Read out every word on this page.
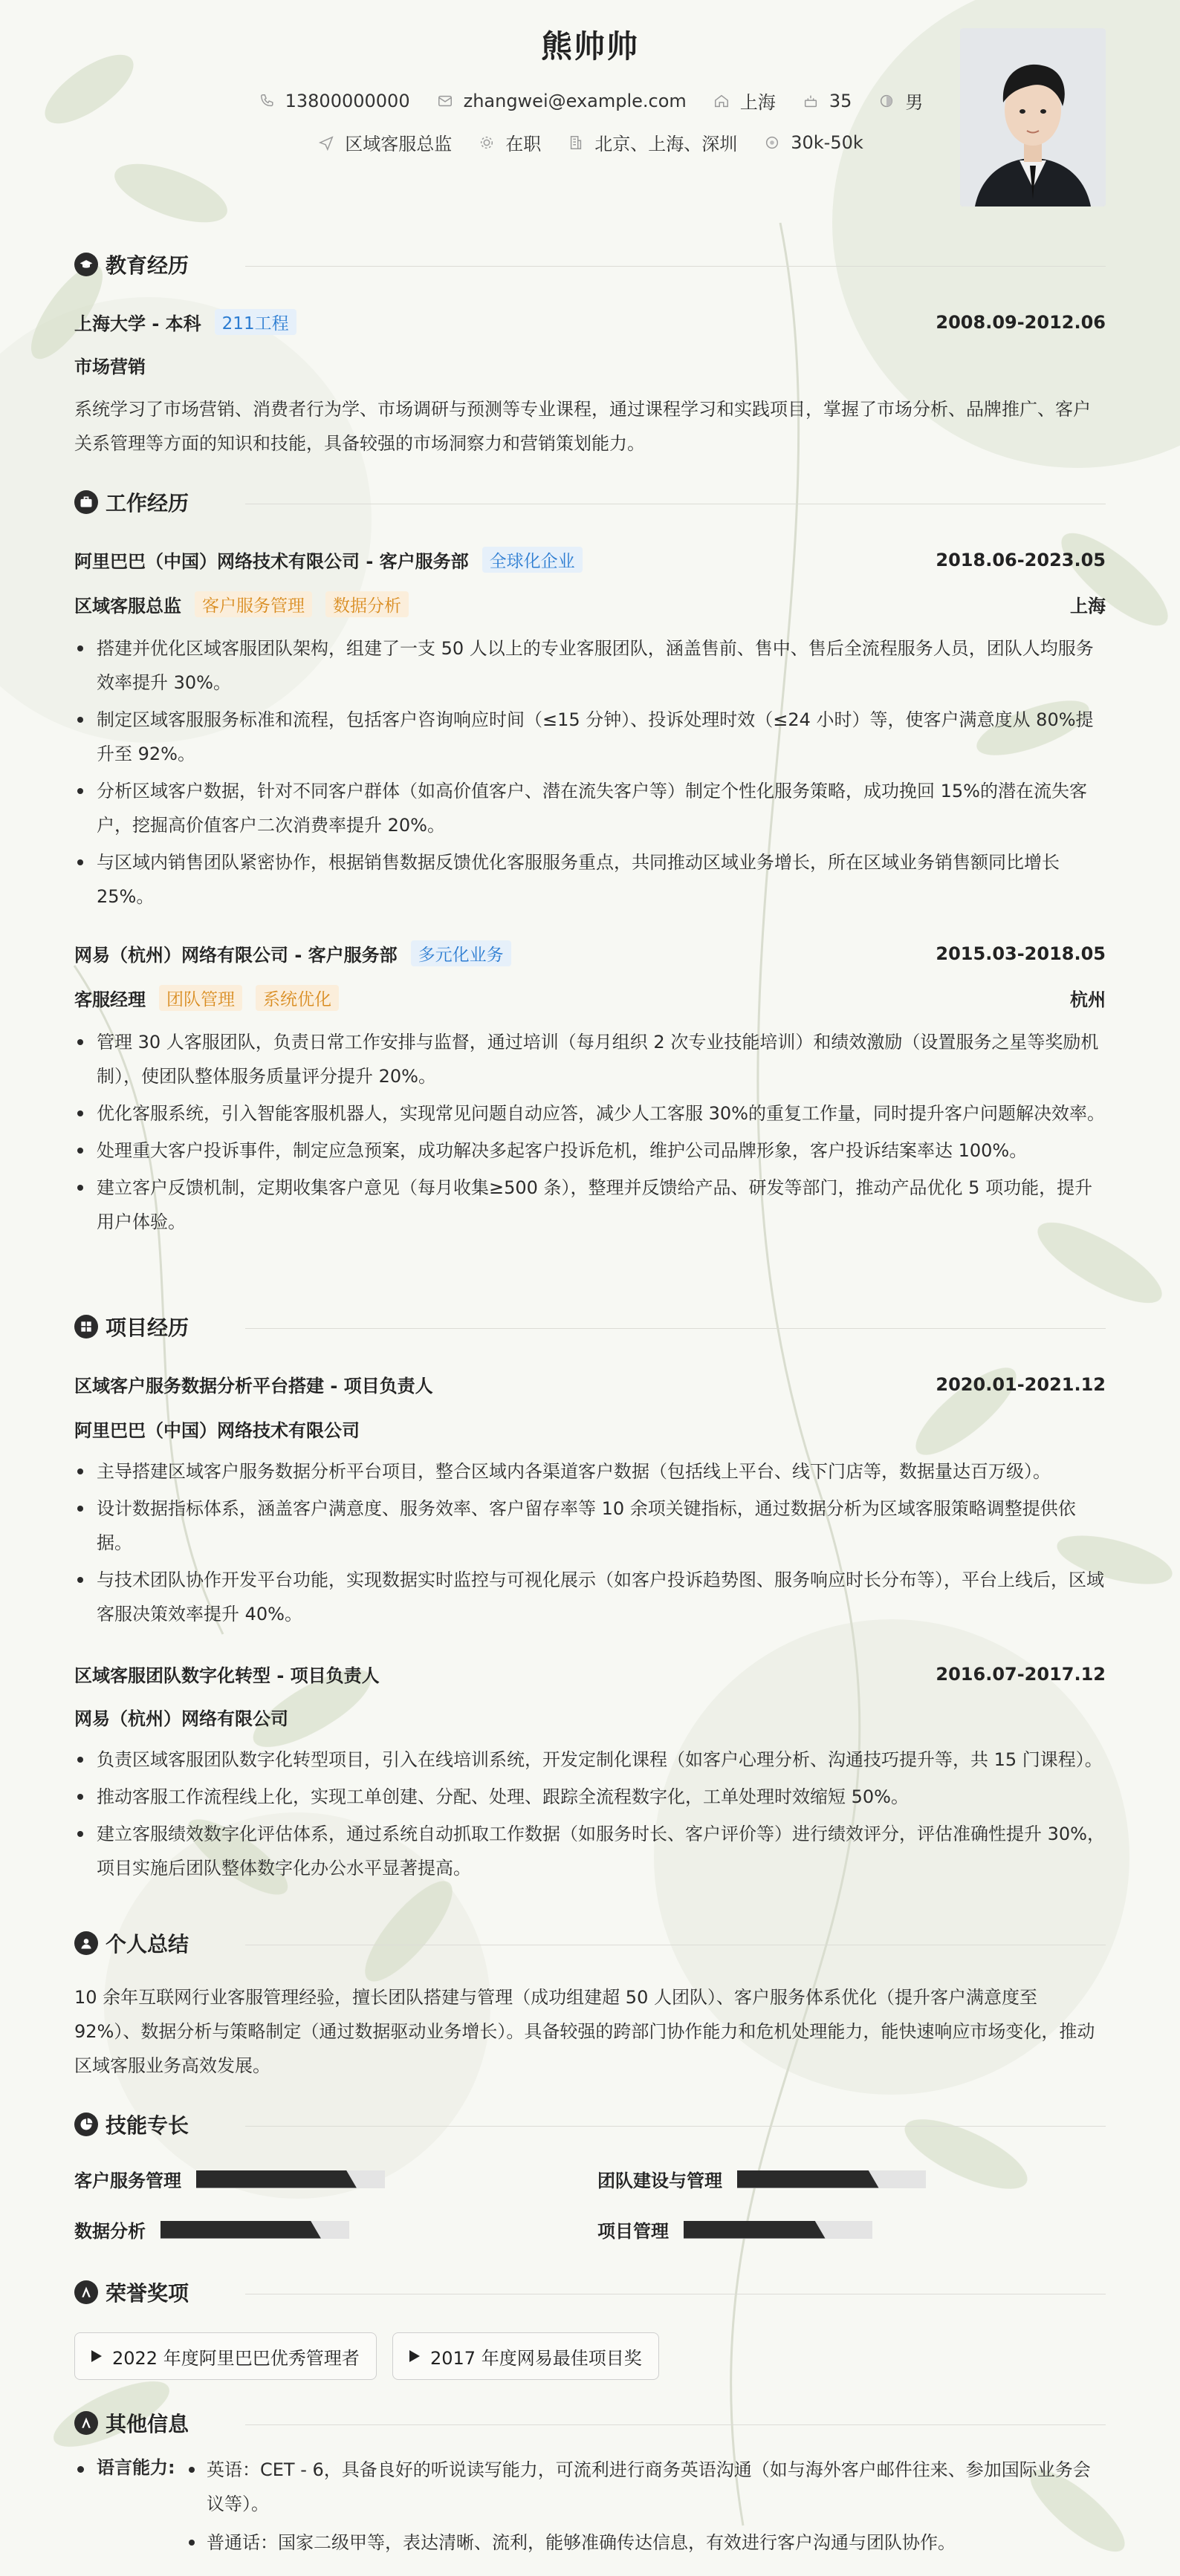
熊帅帅
13800000000	zhangwei@example.com	上海	35	男
区域客服总监	在职	北京、上海、深圳	30k-50k
教育经历
上海大学 - 本科	211工程	2008.09-2012.06
市场营销
系统学习了市场营销、消费者行为学、市场调研与预测等专业课程，通过课程学习和实践项目，掌握了市场分析、品牌推广、客户关系管理等方面的知识和技能，具备较强的市场洞察力和营销策划能力。
工作经历
阿里巴巴（中国）网络技术有限公司 - 客户服务部	全球化企业	2018.06-2023.05
区域客服总监	客户服务管理	数据分析	上海
搭建并优化区域客服团队架构，组建了一支 50 人以上的专业客服团队，涵盖售前、售中、售后全流程服务人员，团队人均服务效率提升 30%。
制定区域客服服务标准和流程，包括客户咨询响应时间（≤15 分钟）、投诉处理时效（≤24 小时）等，使客户满意度从 80%提升至 92%。
分析区域客户数据，针对不同客户群体（如高价值客户、潜在流失客户等）制定个性化服务策略，成功挽回 15%的潜在流失客户，挖掘高价值客户二次消费率提升 20%。
与区域内销售团队紧密协作，根据销售数据反馈优化客服服务重点，共同推动区域业务增长，所在区域业务销售额同比增长 25%。
网易（杭州）网络有限公司 - 客户服务部	多元化业务	2015.03-2018.05
客服经理	团队管理	系统优化	杭州
管理 30 人客服团队，负责日常工作安排与监督，通过培训（每月组织 2 次专业技能培训）和绩效激励（设置服务之星等奖励机制），使团队整体服务质量评分提升 20%。
优化客服系统，引入智能客服机器人，实现常见问题自动应答，减少人工客服 30%的重复工作量，同时提升客户问题解决效率。
处理重大客户投诉事件，制定应急预案，成功解决多起客户投诉危机，维护公司品牌形象，客户投诉结案率达 100%。
建立客户反馈机制，定期收集客户意见（每月收集≥500 条），整理并反馈给产品、研发等部门，推动产品优化 5 项功能，提升用户体验。
项目经历
区域客户服务数据分析平台搭建 - 项目负责人	2020.01-2021.12
阿里巴巴（中国）网络技术有限公司
主导搭建区域客户服务数据分析平台项目，整合区域内各渠道客户数据（包括线上平台、线下门店等，数据量达百万级）。
设计数据指标体系，涵盖客户满意度、服务效率、客户留存率等 10 余项关键指标，通过数据分析为区域客服策略调整提供依据。
与技术团队协作开发平台功能，实现数据实时监控与可视化展示（如客户投诉趋势图、服务响应时长分布等），平台上线后，区域客服决策效率提升 40%。
区域客服团队数字化转型 - 项目负责人	2016.07-2017.12
网易（杭州）网络有限公司
负责区域客服团队数字化转型项目，引入在线培训系统，开发定制化课程（如客户心理分析、沟通技巧提升等，共 15 门课程）。
推动客服工作流程线上化，实现工单创建、分配、处理、跟踪全流程数字化，工单处理时效缩短 50%。
建立客服绩效数字化评估体系，通过系统自动抓取工作数据（如服务时长、客户评价等）进行绩效评分，评估准确性提升 30%，项目实施后团队整体数字化办公水平显著提高。
个人总结
10 余年互联网行业客服管理经验，擅长团队搭建与管理（成功组建超 50 人团队）、客户服务体系优化（提升客户满意度至 92%）、数据分析与策略制定（通过数据驱动业务增长）。具备较强的跨部门协作能力和危机处理能力，能快速响应市场变化，推动区域客服业务高效发展。
技能专长
客户服务管理	团队建设与管理
数据分析	项目管理
荣誉奖项
2022 年度阿里巴巴优秀管理者	2017 年度网易最佳项目奖
其他信息
语言能力:	英语：CET - 6，具备良好的听说读写能力，可流利进行商务英语沟通（如与海外客户邮件往来、参加国际业务会议等）。
普通话：国家二级甲等，表达清晰、流利，能够准确传达信息，有效进行客户沟通与团队协作。
